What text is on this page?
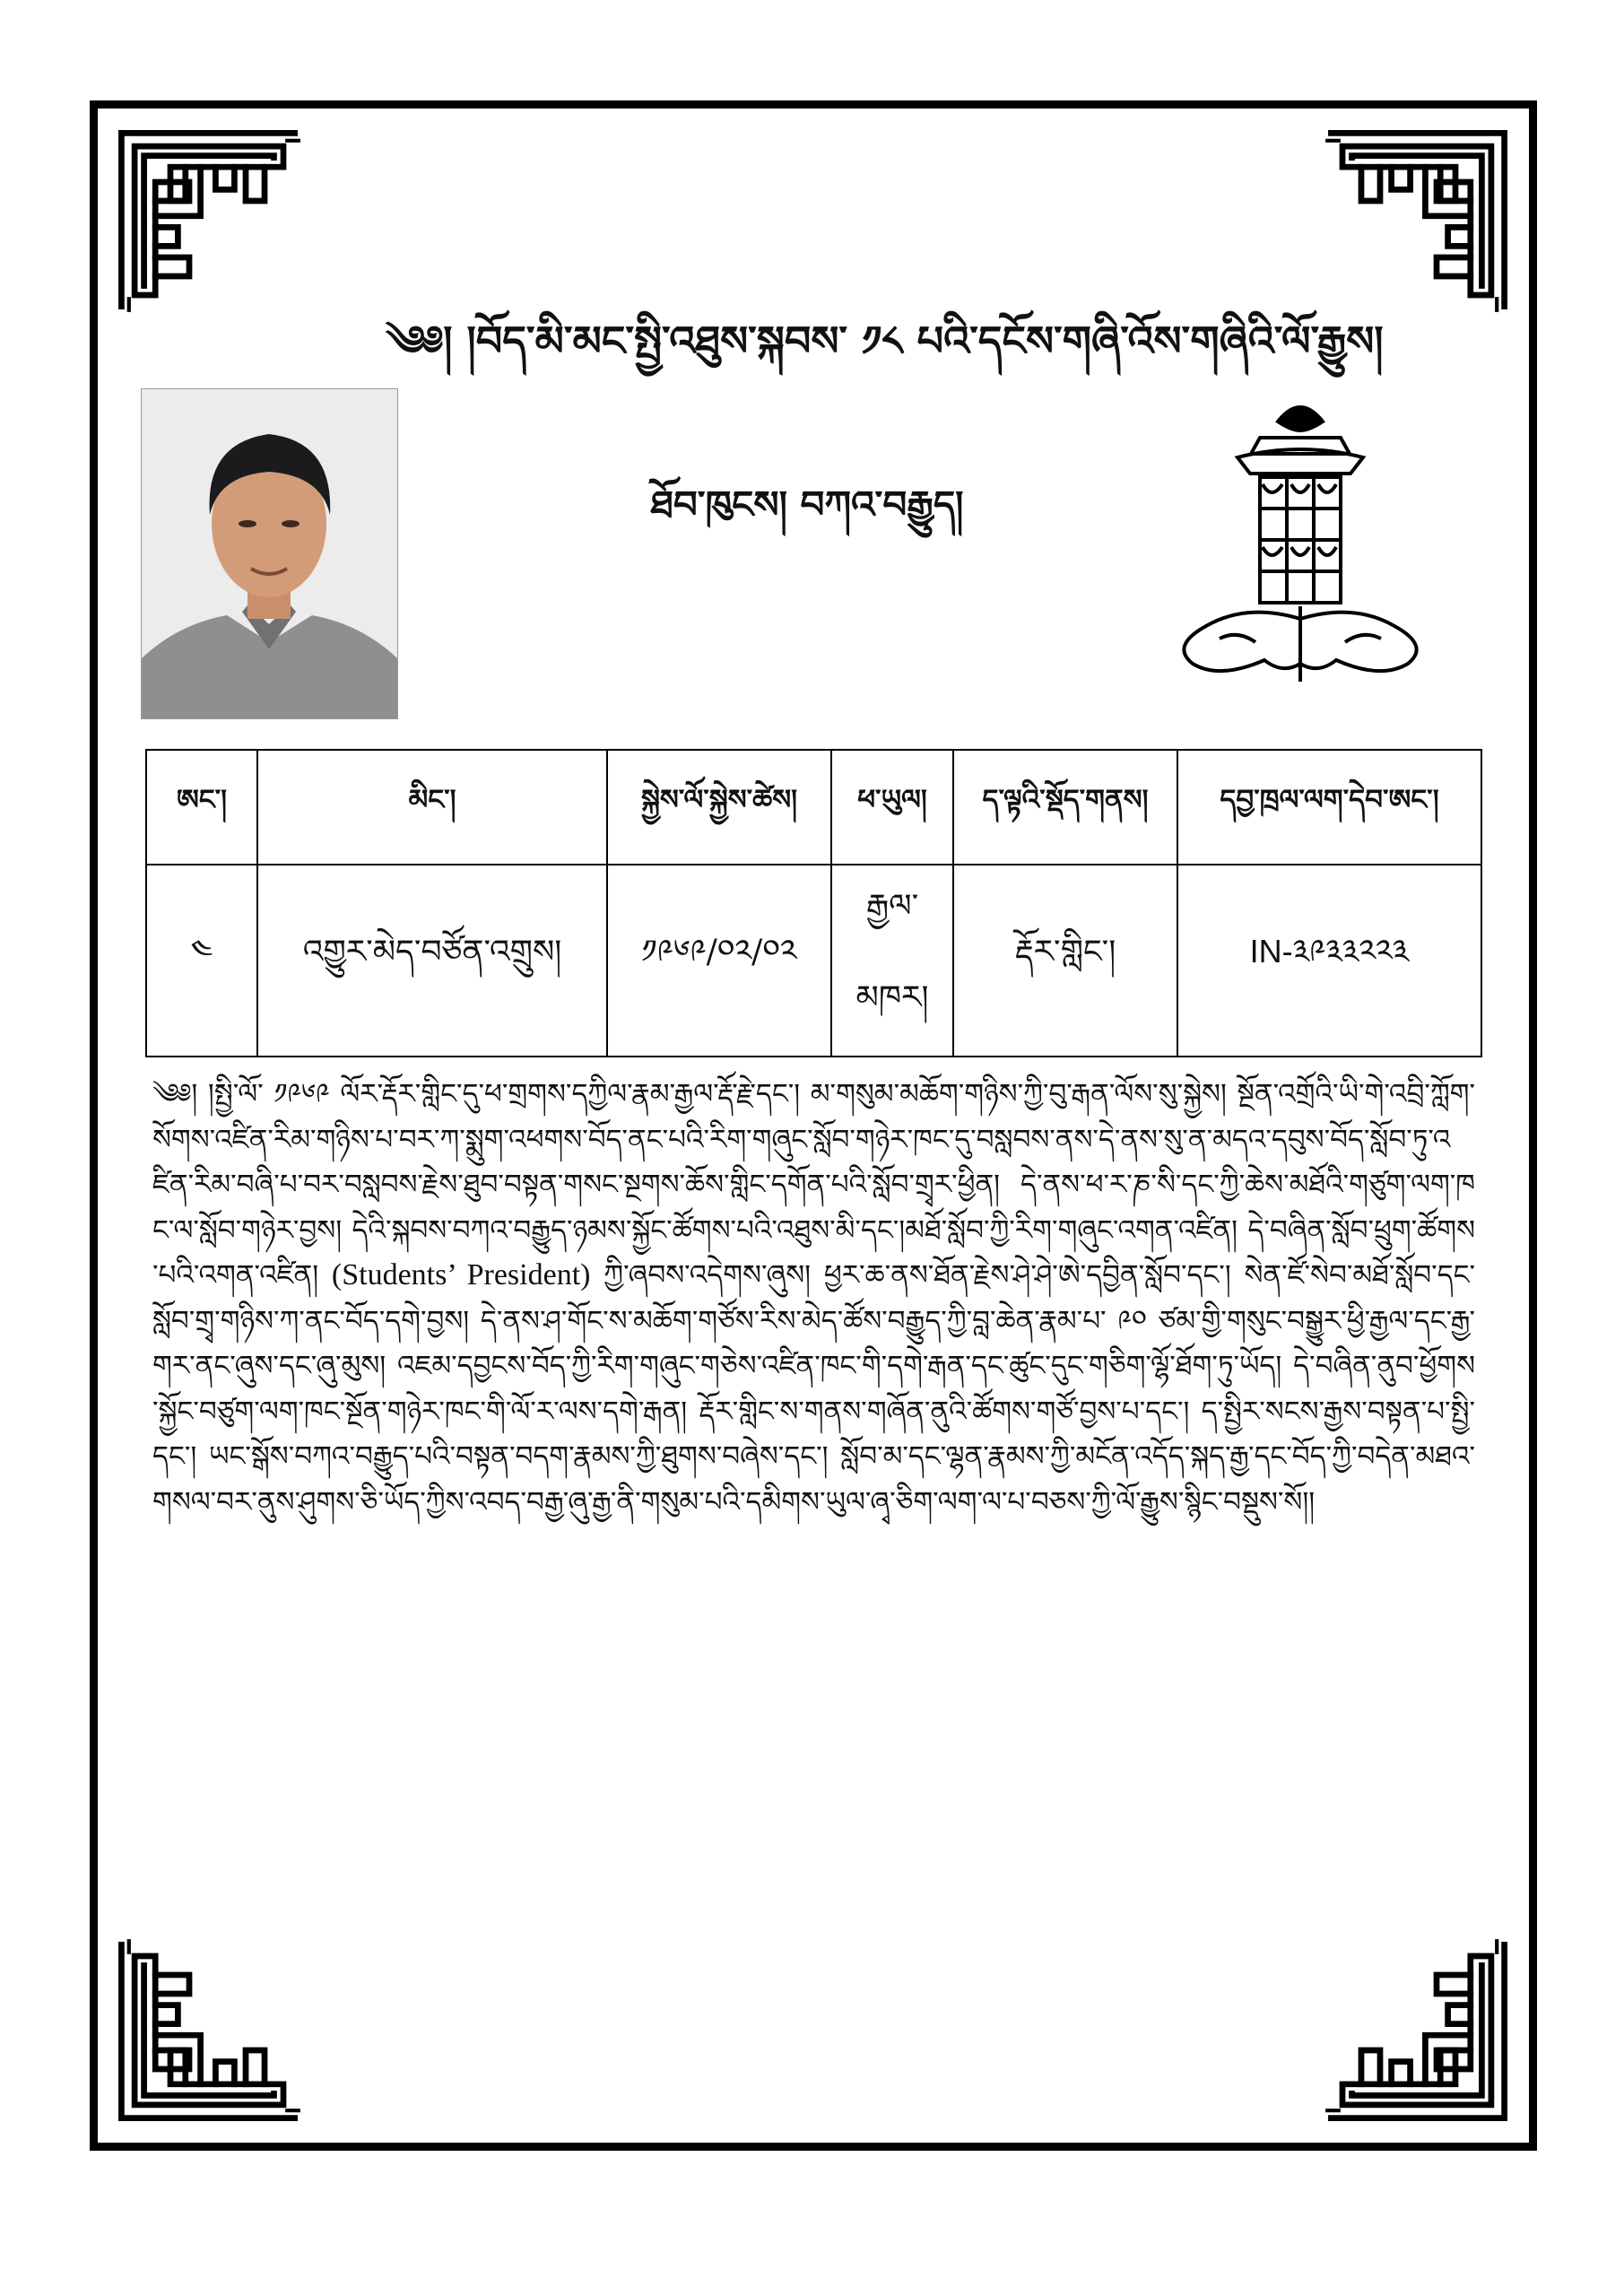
༄༅། །བོད་མི་མང་སྤྱི་འཐུས་སྐབས་ ༡༨ པའི་དངོས་གཞི་འོས་གཞིའི་ལོ་རྒྱུས།
ཐོབ་ཁུངས། བཀའ་བརྒྱུད།
ཨང་།	མིང་།	སྐྱེས་ལོ་སྐྱེས་ཚེས།	ཕ་ཡུལ།	ད་ལྟའི་སྡོད་གནས།	དབྱ་ཁྲལ་ལག་དེབ་ཨང་།
༤	འགྱུར་མེད་བཙོན་འགྲུས།	༡༩༦༩/༠༢/༠༢	རྒྱལ་ མཁར།	རྡོར་གླིང་།	IN-༣༩༣༣༢༢༣
༄༅། །སྤྱི་ལོ་ ༡༩༦༩ ལོར་རྡོར་གླིང་དུ་ཕ་གྲགས་དཀྱིལ་རྣམ་རྒྱལ་རྡོ་རྗེ་དང་། མ་གསུམ་མཆོག་གཉིས་ཀྱི་བུ་རྒན་ལོས་སུ་སྐྱེས། སྔོན་འགྲོའི་ཡི་གེ་འབྲི་ཀློག་སོགས་འཛིན་རིམ་གཉིས་པ་བར་ཀ་སྨུག་འཕགས་བོད་ནང་པའི་རིག་གཞུང་སློབ་གཉེར་ཁང་དུ་བསླབས་ནས་དེ་ནས་སུ་ན་མདའ་དབུས་བོད་སློབ་ཏུ་འཛིན་རིམ་བཞི་པ་བར་བསླབས་རྗེས་ཐུབ་བསྟན་གསང་སྔགས་ཆོས་གླིང་དགོན་པའི་སློབ་གྲྭར་ཕྱིན། དེ་ནས་ཕ་ར་ཎ་སི་དང་ཀྱི་ཆེས་མཐོའི་གཙུག་ལག་ཁང་ལ་སློབ་གཉེར་བྱས། དེའི་སྐབས་བཀའ་བརྒྱུད་ཉམས་སྐྱོང་ཚོགས་པའི་འཐུས་མི་དང་།མཐོ་སློབ་ཀྱི་རིག་གཞུང་འགན་འཛིན། དེ་བཞིན་སློབ་ཕྲུག་ཚོགས་པའི་འགན་འཛིན། (Students’ President) ཀྱི་ཞབས་འདེགས་ཞུས། ཕྱར་ཆ་ནས་ཐོན་རྗེས་ཤེ་ཤེ་ཨེ་དབྱིན་སློབ་དང་། སེན་ཛོ་སེབ་མཐོ་སློབ་དང་སློབ་གྲྭ་གཉིས་ཀ་ནང་བོད་དགེ་བྱས། དེ་ནས་ཤ་གོང་ས་མཆོག་གཙོས་རིས་མེད་ཚོས་བརྒྱུད་ཀྱི་བླ་ཆེན་རྣམ་པ་ ༩༠ ཙམ་གྱི་གསུང་བསྒྱུར་ཕྱི་རྒྱལ་དང་རྒྱ་གར་ནང་ཞུས་དང་ཞུ་མུས། འཇམ་དབྱངས་བོད་ཀྱི་རིག་གཞུང་གཅེས་འཛིན་ཁང་གི་དགེ་རྒན་དང་ཚུང་དུང་གཅིག་ལྷོ་ཐོག་ཏུ་ཡོད། དེ་བཞིན་ནུབ་ཕྱོགས་སྐྱོང་བཙུག་ལག་ཁང་སྔོན་གཉེར་ཁང་གི་ལོ་ར་ལས་དགེ་རྒན། རྡོར་གླིང་ས་གནས་གཞོན་ནུའི་ཚོགས་གཙོ་བྱས་པ་དང་། ད་སྤྱིར་སངས་རྒྱས་བསྟན་པ་སྤྱི་དང་། ཡང་སྒོས་བཀའ་བརྒྱུད་པའི་བསྟན་བདག་རྣམས་ཀྱི་ཐུགས་བཞེས་དང་། སློབ་མ་དང་ལྷན་རྣམས་ཀྱི་མངོན་འདོད་སྐད་རྒྱ་དང་བོད་ཀྱི་བདེན་མཐའ་གསལ་བར་ནུས་ཤུགས་ཅི་ཡོད་ཀྱིས་འབད་བརྒྱ་ཞུ་རྒྱ་ནི་གསུམ་པའི་དམིགས་ཡུལ་ཞྭ་ཅིག་ལག་ལ་པ་བཅས་ཀྱི་ལོ་རྒྱུས་སྙིང་བསྡུས་སོ།།
